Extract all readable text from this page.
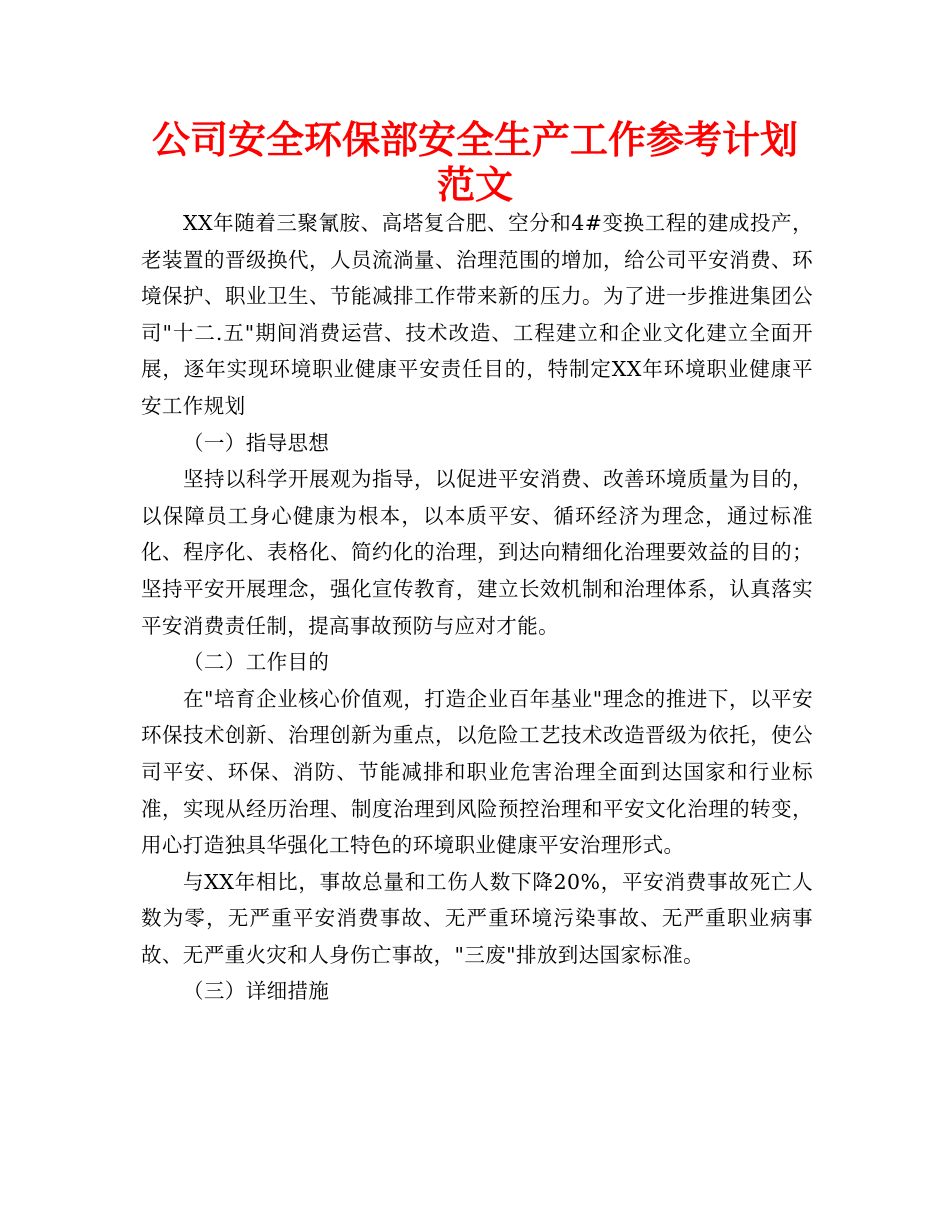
公司安全环保部安全生产工作参考计划范文

XX年随着三聚氰胺、高塔复合肥、空分和4#变换工程的建成投产，老装置的晋级换代，人员流淌量、治理范围的增加，给公司平安消费、环境保护、职业卫生、节能减排工作带来新的压力。为了进一步推进集团公司"十二.五"期间消费运营、技术改造、工程建立和企业文化建立全面开展，逐年实现环境职业健康平安责任目的，特制定XX年环境职业健康平安工作规划

（一）指导思想

坚持以科学开展观为指导，以促进平安消费、改善环境质量为目的，以保障员工身心健康为根本，以本质平安、循环经济为理念，通过标准化、程序化、表格化、简约化的治理，到达向精细化治理要效益的目的；坚持平安开展理念，强化宣传教育，建立长效机制和治理体系，认真落实平安消费责任制，提高事故预防与应对才能。

（二）工作目的

在"培育企业核心价值观，打造企业百年基业"理念的推进下，以平安环保技术创新、治理创新为重点，以危险工艺技术改造晋级为依托，使公司平安、环保、消防、节能减排和职业危害治理全面到达国家和行业标准，实现从经历治理、制度治理到风险预控治理和平安文化治理的转变，用心打造独具华强化工特色的环境职业健康平安治理形式。

与XX年相比，事故总量和工伤人数下降20%，平安消费事故死亡人数为零，无严重平安消费事故、无严重环境污染事故、无严重职业病事故、无严重火灾和人身伤亡事故，"三废"排放到达国家标准。

（三）详细措施
